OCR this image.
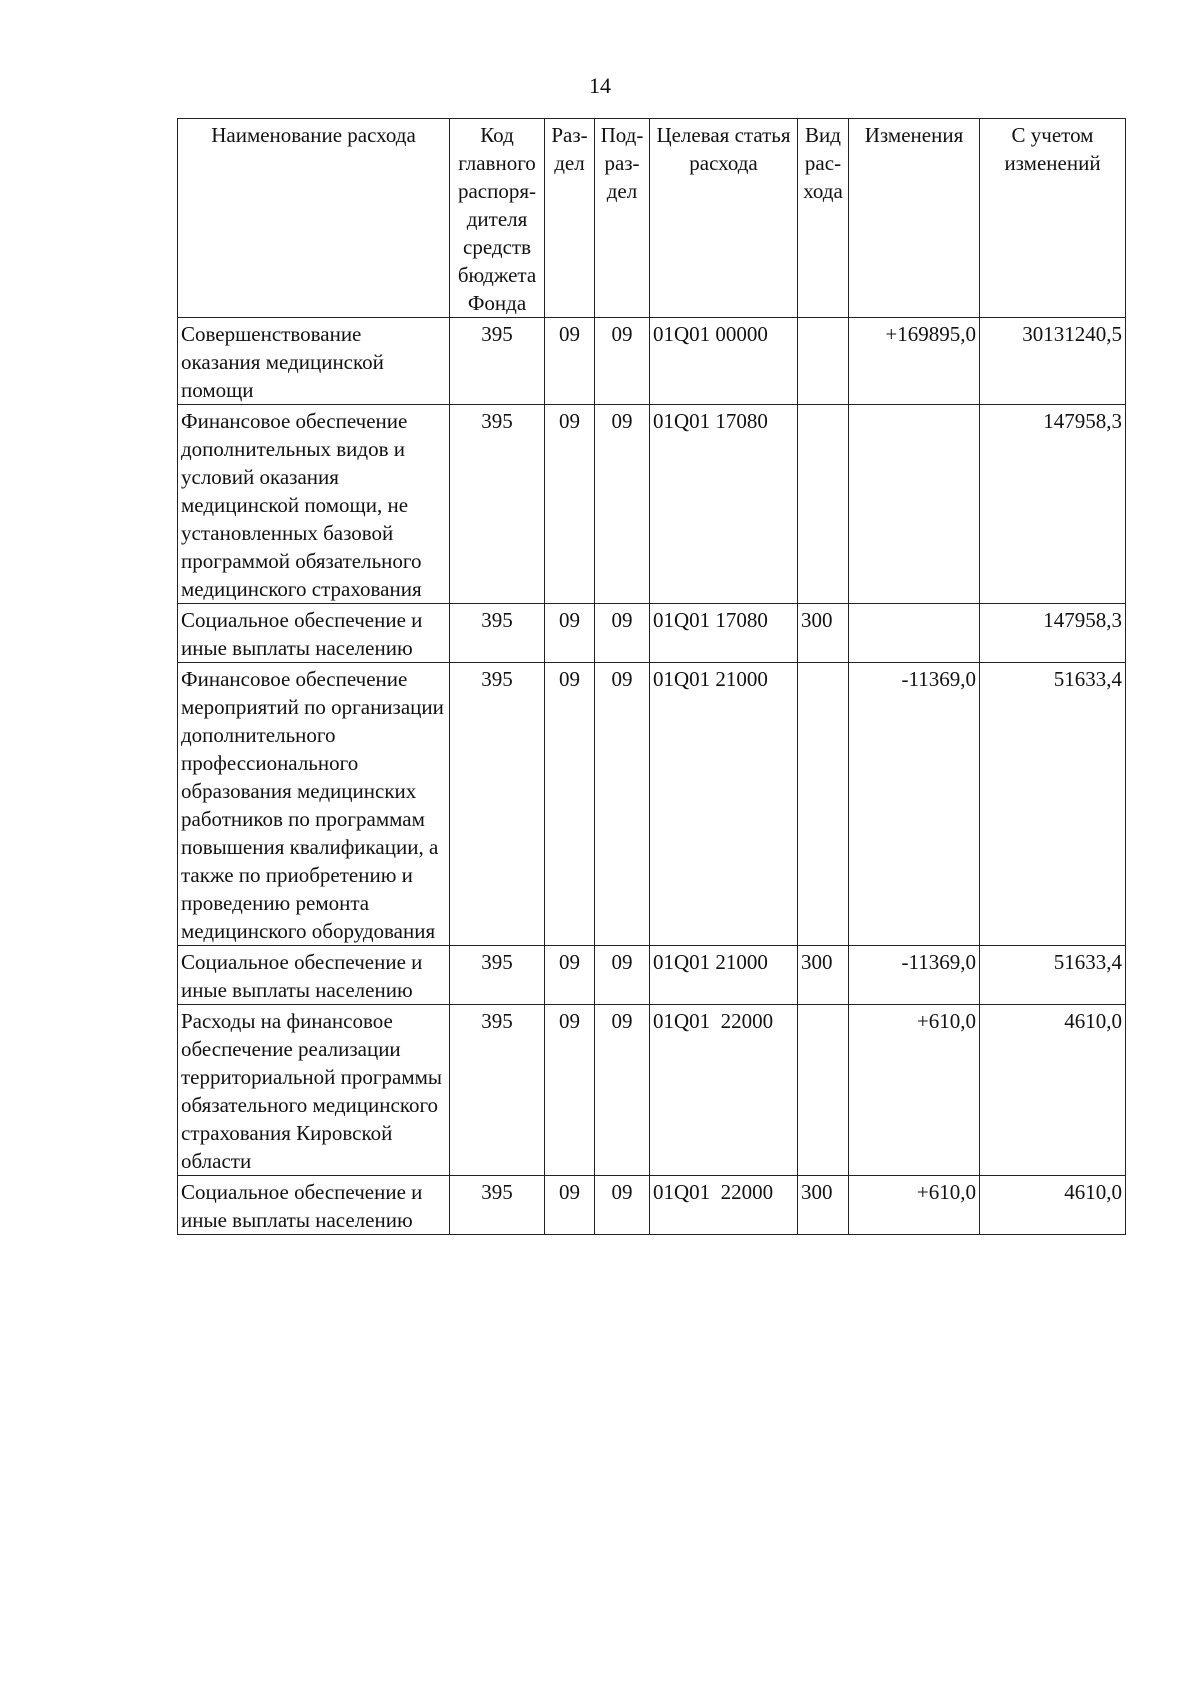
14
Наименование расхода	Код главного распоря-дителя средств бюджета Фонда	Раз-дел	Под-раз-дел	Целевая статья расхода	Вид рас-хода	Изменения	С учетом изменений
Совершенствование оказания медицинской помощи	395	09	09	01Q01 00000		+169895,0	30131240,5
Финансовое обеспечение дополнительных видов и условий оказания медицинской помощи, не установленных базовой программой обязательного медицинского страхования	395	09	09	01Q01 17080			147958,3
Социальное обеспечение и иные выплаты населению	395	09	09	01Q01 17080	300		147958,3
Финансовое обеспечение мероприятий по организации дополнительного профессионального образования медицинских работников по программам повышения квалификации, а также по приобретению и проведению ремонта медицинского оборудования	395	09	09	01Q01 21000		-11369,0	51633,4
Социальное обеспечение и иные выплаты населению	395	09	09	01Q01 21000	300	-11369,0	51633,4
Расходы на финансовое обеспечение реализации территориальной программы обязательного медицинского страхования Кировской области	395	09	09	01Q01  22000		+610,0	4610,0
Социальное обеспечение и иные выплаты населению	395	09	09	01Q01  22000	300	+610,0	4610,0
